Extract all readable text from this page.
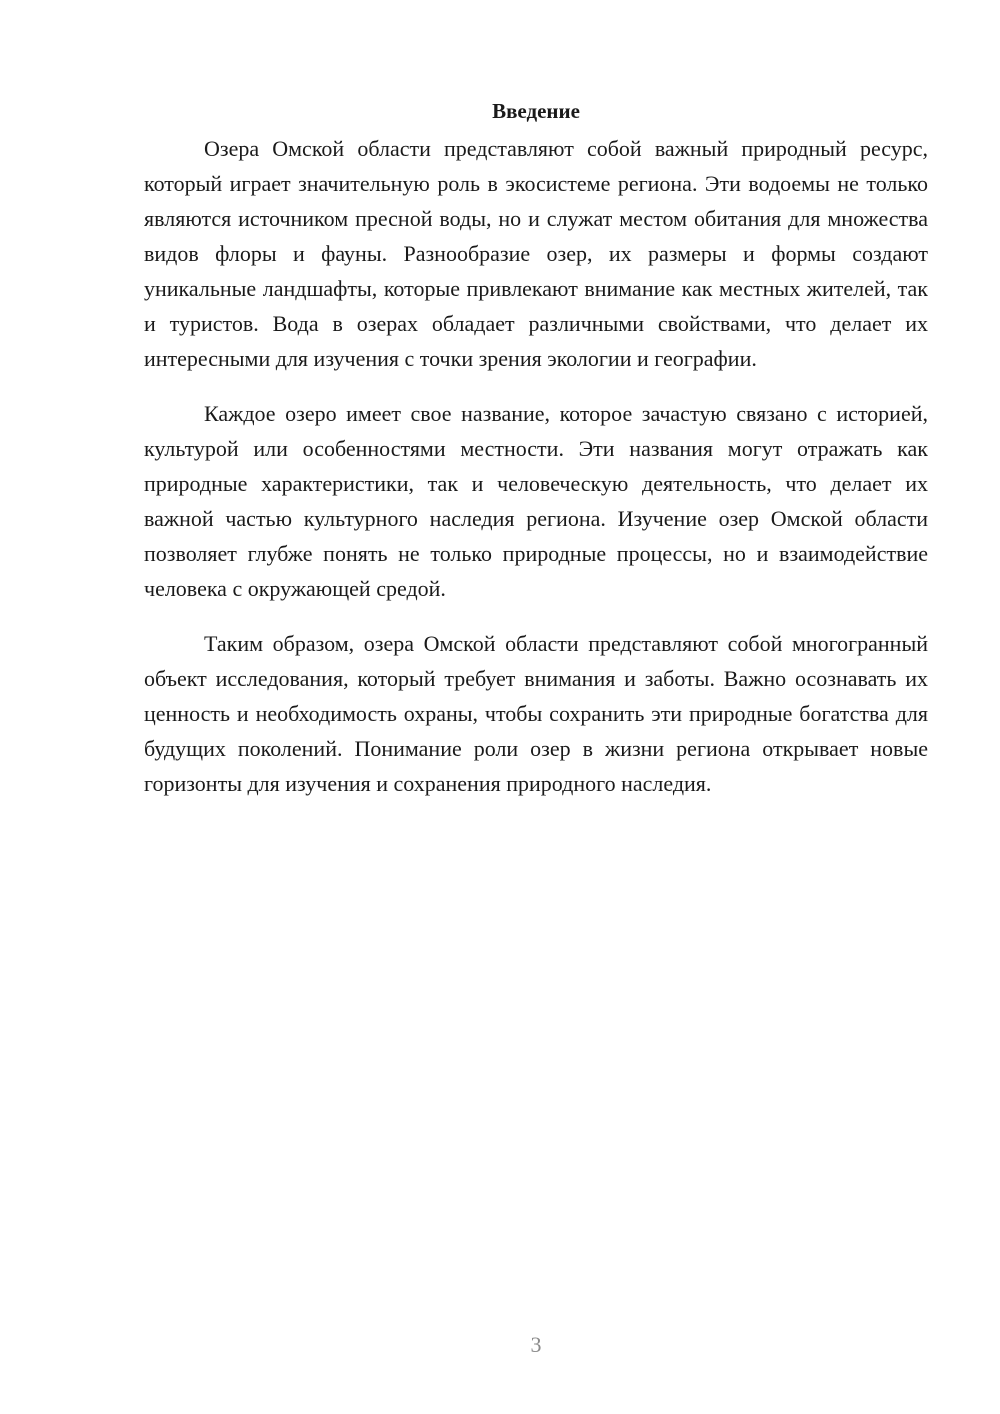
Введение

Озера Омской области представляют собой важный природный ресурс, который играет значительную роль в экосистеме региона. Эти водоемы не только являются источником пресной воды, но и служат местом обитания для множества видов флоры и фауны. Разнообразие озер, их размеры и формы создают уникальные ландшафты, которые привлекают внимание как местных жителей, так и туристов. Вода в озерах обладает различными свойствами, что делает их интересными для изучения с точки зрения экологии и географии.

Каждое озеро имеет свое название, которое зачастую связано с историей, культурой или особенностями местности. Эти названия могут отражать как природные характеристики, так и человеческую деятельность, что делает их важной частью культурного наследия региона. Изучение озер Омской области позволяет глубже понять не только природные процессы, но и взаимодействие человека с окружающей средой.

Таким образом, озера Омской области представляют собой многогранный объект исследования, который требует внимания и заботы. Важно осознавать их ценность и необходимость охраны, чтобы сохранить эти природные богатства для будущих поколений. Понимание роли озер в жизни региона открывает новые горизонты для изучения и сохранения природного наследия.

3
